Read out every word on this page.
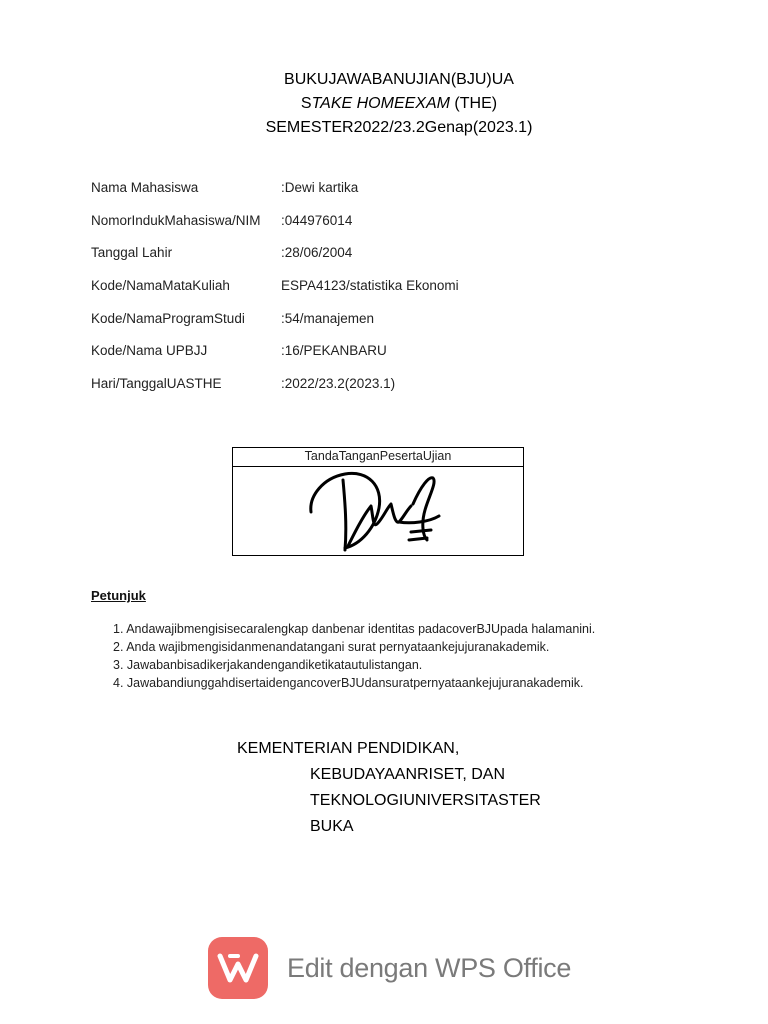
BUKUJAWABANUJIAN(BJU)UA
STAKE HOMEEXAM (THE)
SEMESTER2022/23.2Genap(2023.1)
Nama Mahasiswa	:Dewi kartika
NomorIndukMahasiswa/NIM	:044976014
Tanggal Lahir	:28/06/2004
Kode/NamaMataKuliah	ESPA4123/statistika Ekonomi
Kode/NamaProgramStudi	:54/manajemen
Kode/Nama UPBJJ	:16/PEKANBARU
Hari/TanggalUASTHE	:2022/23.2(2023.1)
TandaTanganPesertaUjian
Petunjuk
1. Andawajibmengisisecaralengkap danbenar identitas padacoverBJUpada halamanini.
2. Anda wajibmengisidanmenandatangani surat pernyataankejujuranakademik.
3. Jawabanbisadikerjakandengandiketikatautulistangan.
4. JawabandiunggahdisertaidengancoverBJUdansuratpernyataankejujuranakademik.
KEMENTERIAN PENDIDIKAN,
KEBUDAYAANRISET, DAN
TEKNOLOGIUNIVERSITASTER
BUKA
Edit dengan WPS Office
